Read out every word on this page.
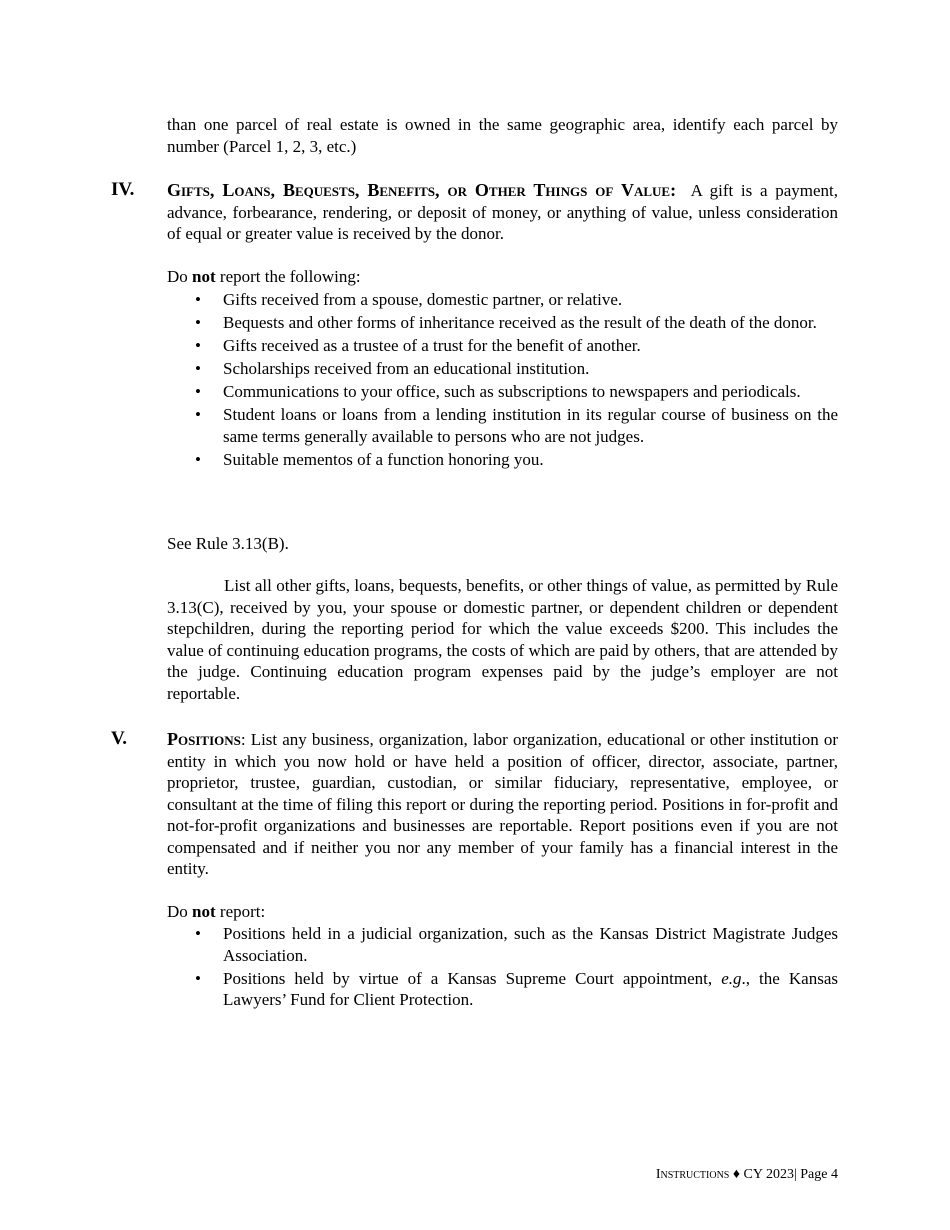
than one parcel of real estate is owned in the same geographic area, identify each parcel by number (Parcel 1, 2, 3, etc.)

IV. Gifts, Loans, Bequests, Benefits, or Other Things of Value: A gift is a payment, advance, forbearance, rendering, or deposit of money, or anything of value, unless consideration of equal or greater value is received by the donor.

Do not report the following:

• Gifts received from a spouse, domestic partner, or relative.
• Bequests and other forms of inheritance received as the result of the death of the donor.
• Gifts received as a trustee of a trust for the benefit of another.
• Scholarships received from an educational institution.
• Communications to your office, such as subscriptions to newspapers and periodicals.
• Student loans or loans from a lending institution in its regular course of business on the same terms generally available to persons who are not judges.
• Suitable mementos of a function honoring you.

See Rule 3.13(B).

List all other gifts, loans, bequests, benefits, or other things of value, as permitted by Rule 3.13(C), received by you, your spouse or domestic partner, or dependent children or dependent stepchildren, during the reporting period for which the value exceeds $200. This includes the value of continuing education programs, the costs of which are paid by others, that are attended by the judge. Continuing education program expenses paid by the judge’s employer are not reportable.

V. Positions: List any business, organization, labor organization, educational or other institution or entity in which you now hold or have held a position of officer, director, associate, partner, proprietor, trustee, guardian, custodian, or similar fiduciary, representative, employee, or consultant at the time of filing this report or during the reporting period. Positions in for-profit and not-for-profit organizations and businesses are reportable. Report positions even if you are not compensated and if neither you nor any member of your family has a financial interest in the entity.

Do not report:

• Positions held in a judicial organization, such as the Kansas District Magistrate Judges Association.
• Positions held by virtue of a Kansas Supreme Court appointment, e.g., the Kansas Lawyers’ Fund for Client Protection.
Instructions ♦ CY 2023| Page 4
